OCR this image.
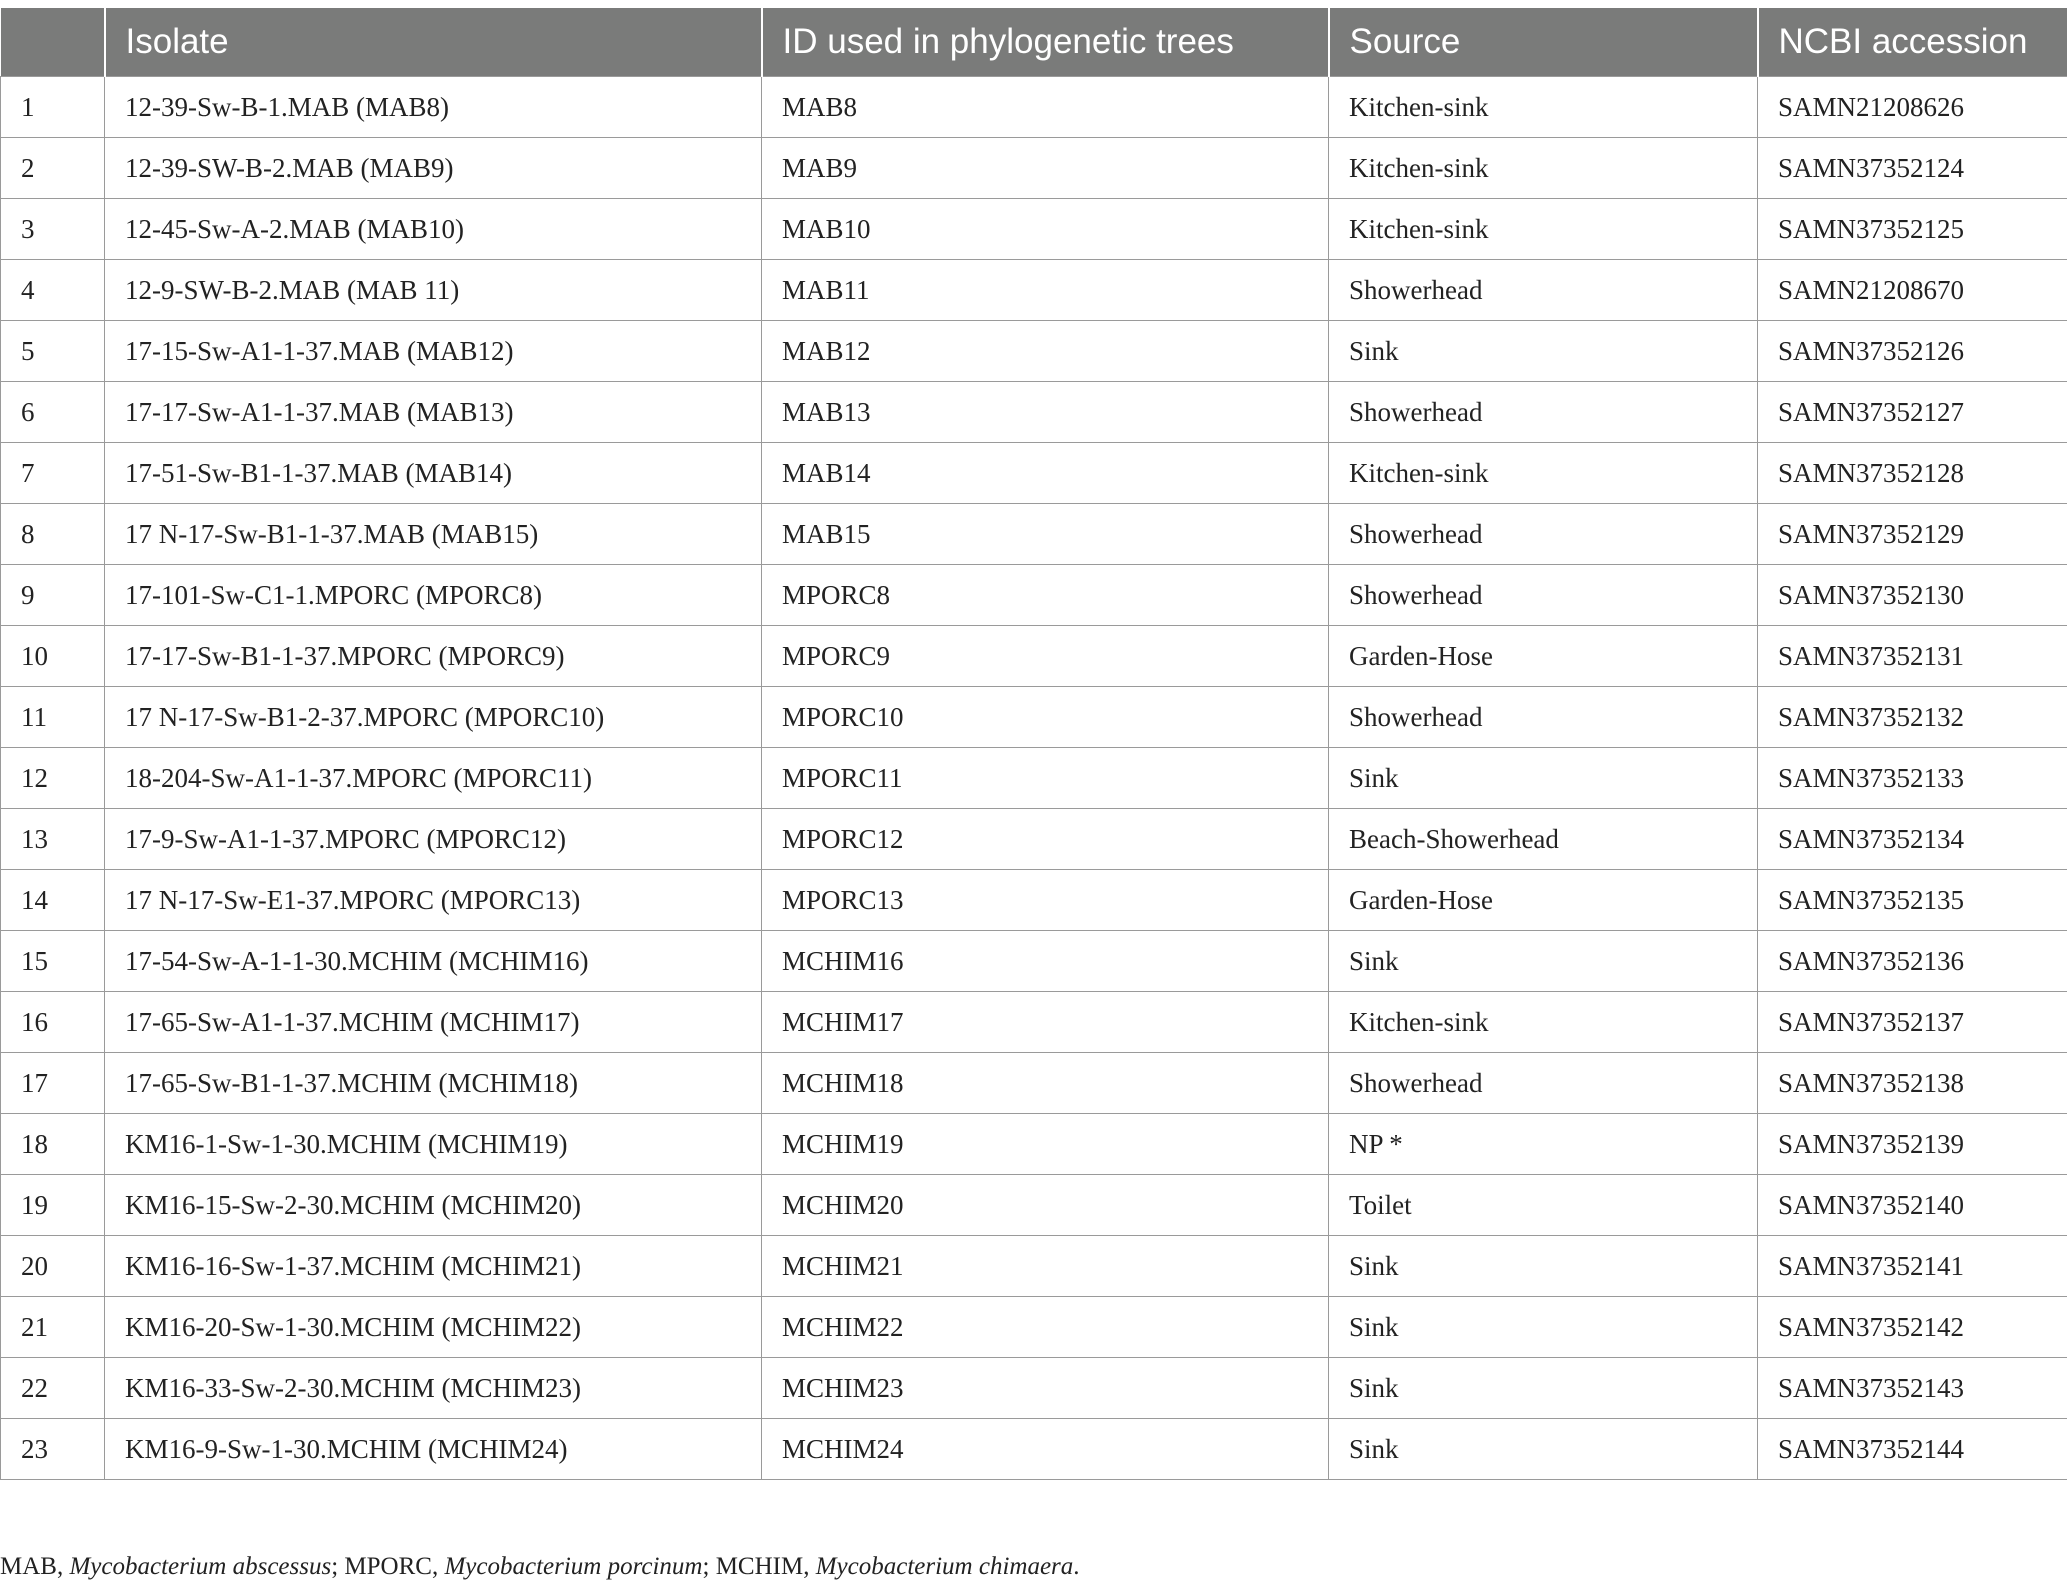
	Isolate	ID used in phylogenetic trees	Source	NCBI accession
1	12-39-Sw-B-1.MAB (MAB8)	MAB8	Kitchen-sink	SAMN21208626
2	12-39-SW-B-2.MAB (MAB9)	MAB9	Kitchen-sink	SAMN37352124
3	12-45-Sw-A-2.MAB (MAB10)	MAB10	Kitchen-sink	SAMN37352125
4	12-9-SW-B-2.MAB (MAB 11)	MAB11	Showerhead	SAMN21208670
5	17-15-Sw-A1-1-37.MAB (MAB12)	MAB12	Sink	SAMN37352126
6	17-17-Sw-A1-1-37.MAB (MAB13)	MAB13	Showerhead	SAMN37352127
7	17-51-Sw-B1-1-37.MAB (MAB14)	MAB14	Kitchen-sink	SAMN37352128
8	17 N-17-Sw-B1-1-37.MAB (MAB15)	MAB15	Showerhead	SAMN37352129
9	17-101-Sw-C1-1.MPORC (MPORC8)	MPORC8	Showerhead	SAMN37352130
10	17-17-Sw-B1-1-37.MPORC (MPORC9)	MPORC9	Garden-Hose	SAMN37352131
11	17 N-17-Sw-B1-2-37.MPORC (MPORC10)	MPORC10	Showerhead	SAMN37352132
12	18-204-Sw-A1-1-37.MPORC (MPORC11)	MPORC11	Sink	SAMN37352133
13	17-9-Sw-A1-1-37.MPORC (MPORC12)	MPORC12	Beach-Showerhead	SAMN37352134
14	17 N-17-Sw-E1-37.MPORC (MPORC13)	MPORC13	Garden-Hose	SAMN37352135
15	17-54-Sw-A-1-1-30.MCHIM (MCHIM16)	MCHIM16	Sink	SAMN37352136
16	17-65-Sw-A1-1-37.MCHIM (MCHIM17)	MCHIM17	Kitchen-sink	SAMN37352137
17	17-65-Sw-B1-1-37.MCHIM (MCHIM18)	MCHIM18	Showerhead	SAMN37352138
18	KM16-1-Sw-1-30.MCHIM (MCHIM19)	MCHIM19	NP *	SAMN37352139
19	KM16-15-Sw-2-30.MCHIM (MCHIM20)	MCHIM20	Toilet	SAMN37352140
20	KM16-16-Sw-1-37.MCHIM (MCHIM21)	MCHIM21	Sink	SAMN37352141
21	KM16-20-Sw-1-30.MCHIM (MCHIM22)	MCHIM22	Sink	SAMN37352142
22	KM16-33-Sw-2-30.MCHIM (MCHIM23)	MCHIM23	Sink	SAMN37352143
23	KM16-9-Sw-1-30.MCHIM (MCHIM24)	MCHIM24	Sink	SAMN37352144
MAB, Mycobacterium abscessus; MPORC, Mycobacterium porcinum; MCHIM, Mycobacterium chimaera.
